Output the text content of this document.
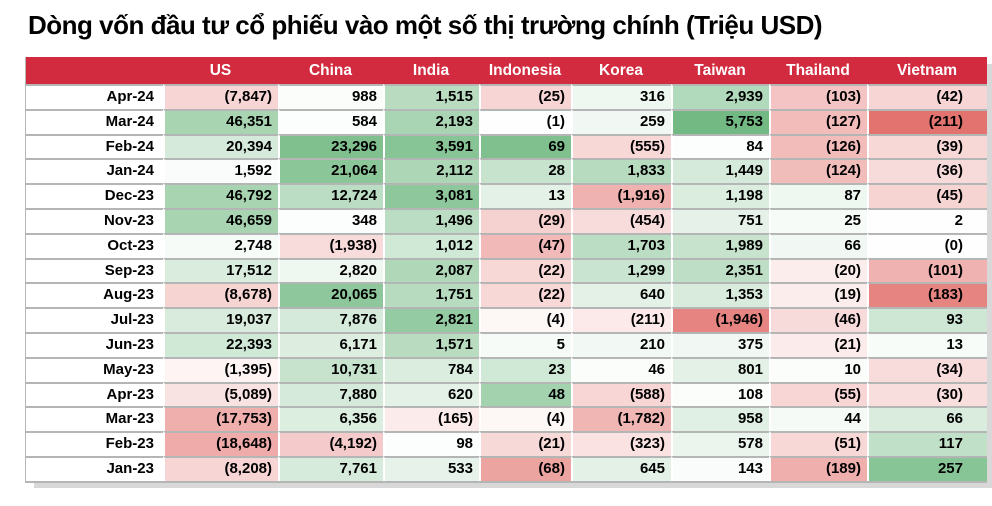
Dòng vốn đầu tư cổ phiếu vào một số thị trường chính (Triệu USD)
	US	China	India	Indonesia	Korea	Taiwan	Thailand	Vietnam
Apr-24	(7,847)	988	1,515	(25)	316	2,939	(103)	(42)
Mar-24	46,351	584	2,193	(1)	259	5,753	(127)	(211)
Feb-24	20,394	23,296	3,591	69	(555)	84	(126)	(39)
Jan-24	1,592	21,064	2,112	28	1,833	1,449	(124)	(36)
Dec-23	46,792	12,724	3,081	13	(1,916)	1,198	87	(45)
Nov-23	46,659	348	1,496	(29)	(454)	751	25	2
Oct-23	2,748	(1,938)	1,012	(47)	1,703	1,989	66	(0)
Sep-23	17,512	2,820	2,087	(22)	1,299	2,351	(20)	(101)
Aug-23	(8,678)	20,065	1,751	(22)	640	1,353	(19)	(183)
Jul-23	19,037	7,876	2,821	(4)	(211)	(1,946)	(46)	93
Jun-23	22,393	6,171	1,571	5	210	375	(21)	13
May-23	(1,395)	10,731	784	23	46	801	10	(34)
Apr-23	(5,089)	7,880	620	48	(588)	108	(55)	(30)
Mar-23	(17,753)	6,356	(165)	(4)	(1,782)	958	44	66
Feb-23	(18,648)	(4,192)	98	(21)	(323)	578	(51)	117
Jan-23	(8,208)	7,761	533	(68)	645	143	(189)	257
